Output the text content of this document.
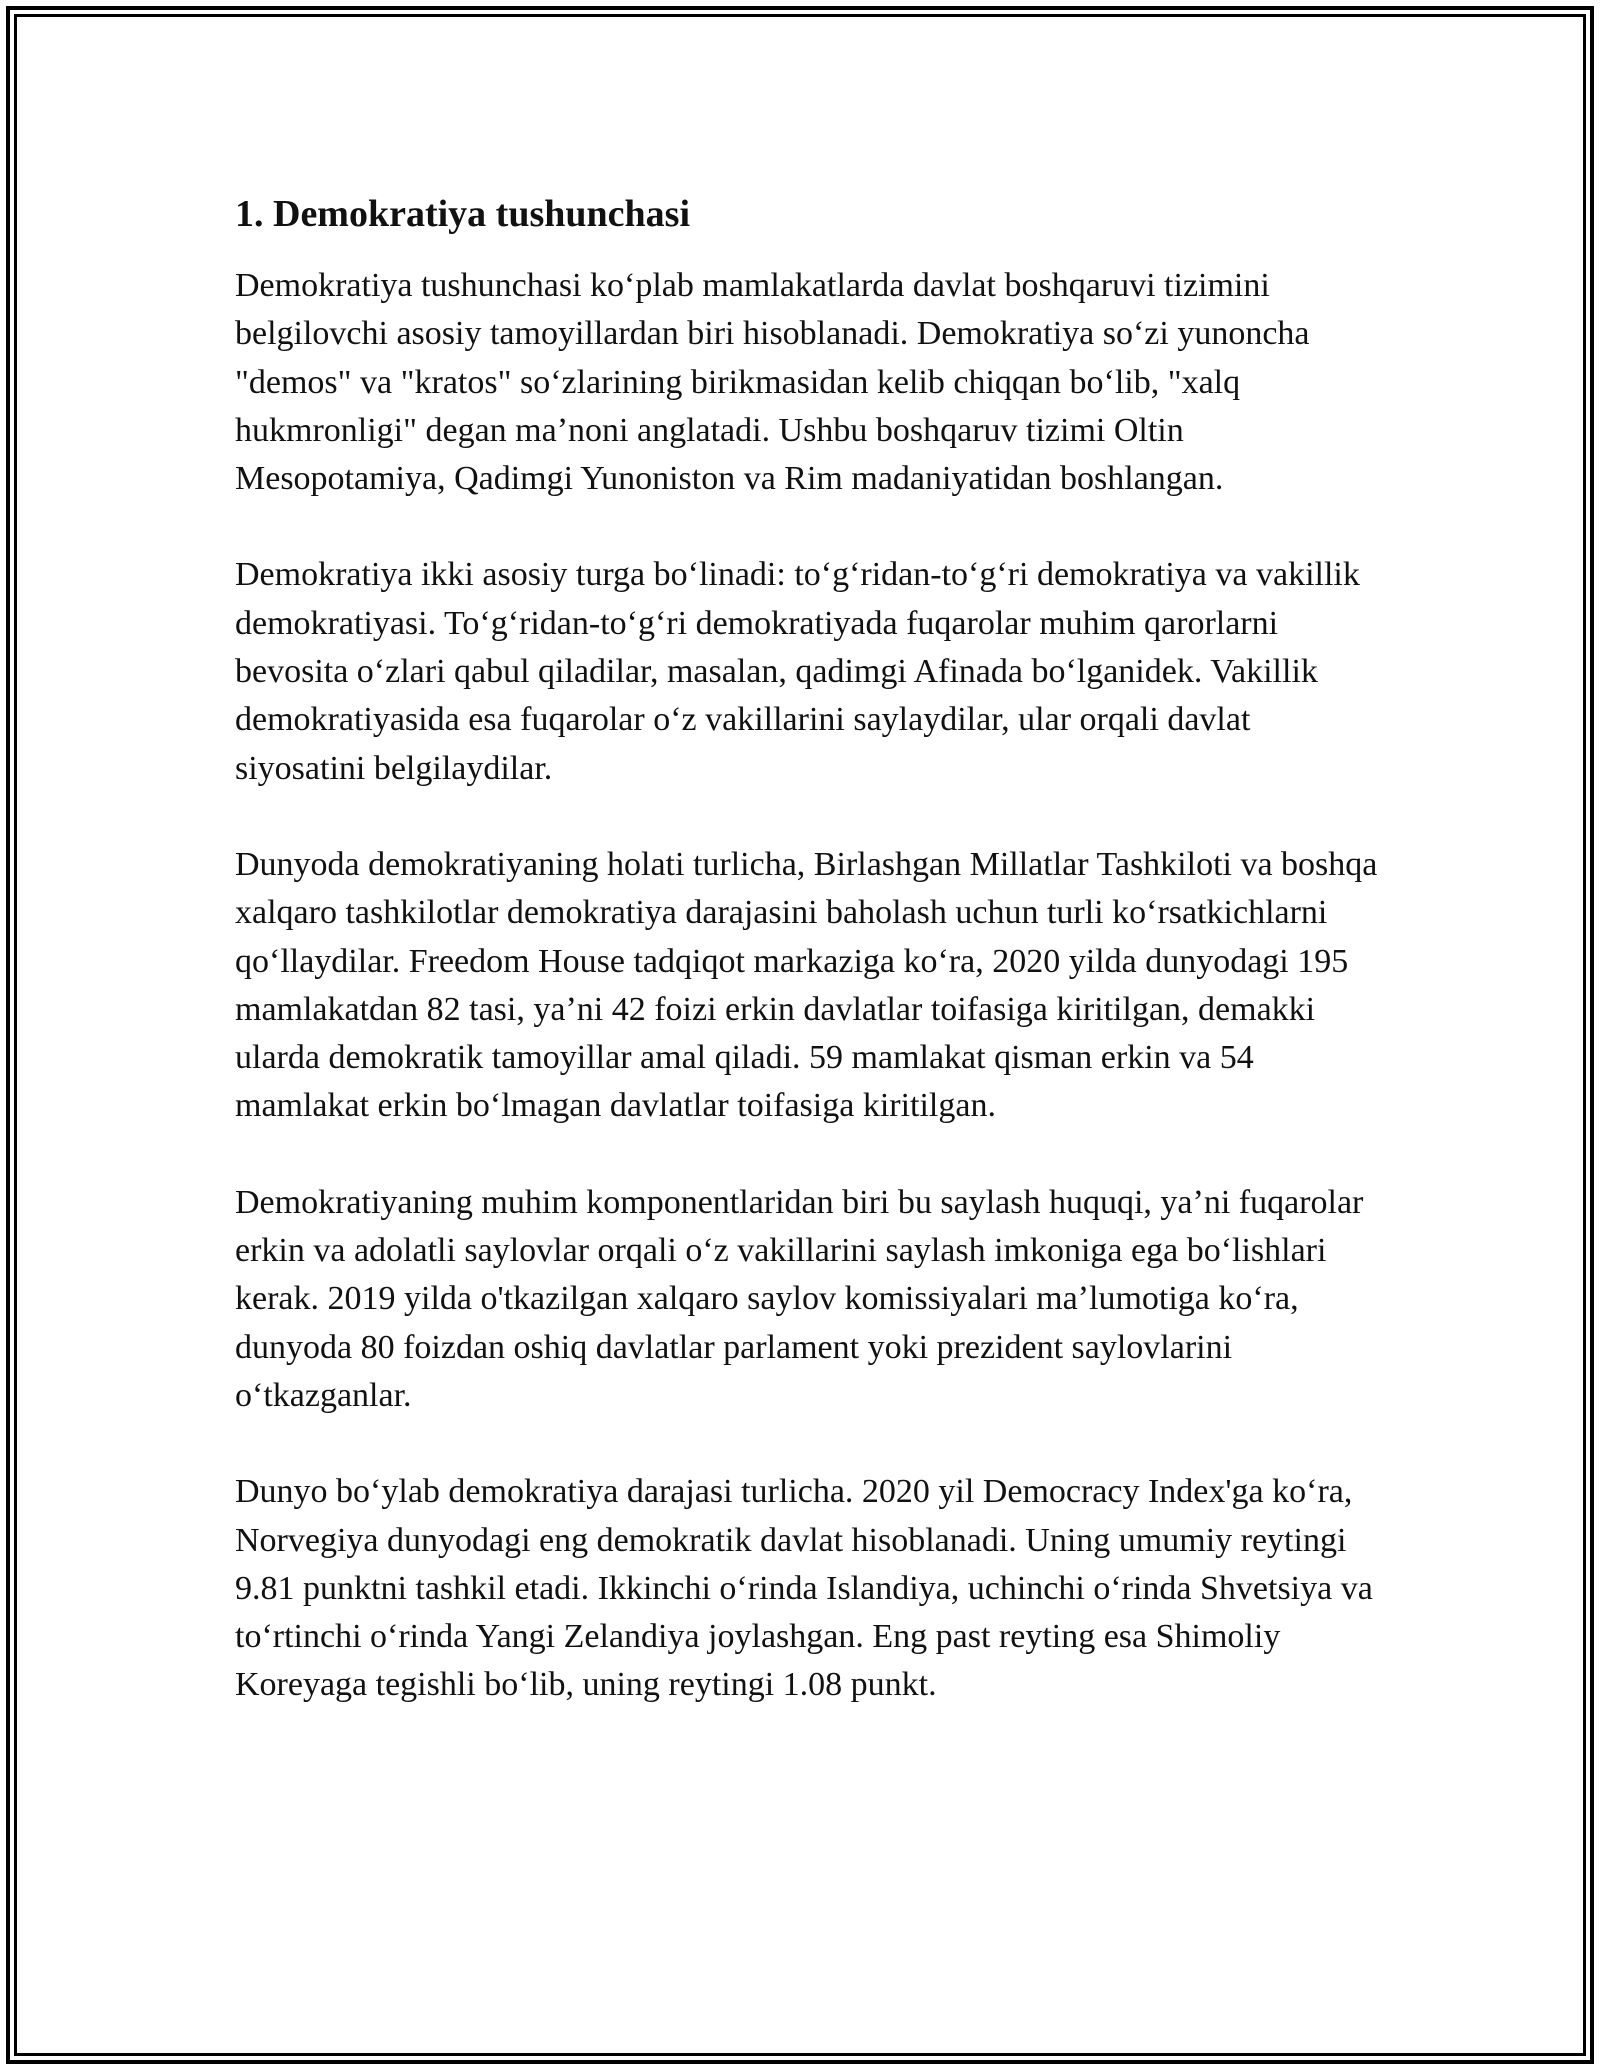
1. Demokratiya tushunchasi

Demokratiya tushunchasi koʻplab mamlakatlarda davlat boshqaruvi tizimini belgilovchi asosiy tamoyillardan biri hisoblanadi. Demokratiya soʻzi yunoncha "demos" va "kratos" soʻzlarining birikmasidan kelib chiqqan boʻlib, "xalq hukmronligi" degan maʼnoni anglatadi. Ushbu boshqaruv tizimi Oltin Mesopotamiya, Qadimgi Yunoniston va Rim madaniyatidan boshlangan.

Demokratiya ikki asosiy turga boʻlinadi: toʻgʻridan-toʻgʻri demokratiya va vakillik demokratiyasi. Toʻgʻridan-toʻgʻri demokratiyada fuqarolar muhim qarorlarni bevosita oʻzlari qabul qiladilar, masalan, qadimgi Afinada boʻlganidek. Vakillik demokratiyasida esa fuqarolar oʻz vakillarini saylaydilar, ular orqali davlat siyosatini belgilaydilar.

Dunyoda demokratiyaning holati turlicha, Birlashgan Millatlar Tashkiloti va boshqa xalqaro tashkilotlar demokratiya darajasini baholash uchun turli koʻrsatkichlarni qoʻllaydilar. Freedom House tadqiqot markaziga koʻra, 2020 yilda dunyodagi 195 mamlakatdan 82 tasi, yaʼni 42 foizi erkin davlatlar toifasiga kiritilgan, demakki ularda demokratik tamoyillar amal qiladi. 59 mamlakat qisman erkin va 54 mamlakat erkin boʻlmagan davlatlar toifasiga kiritilgan.

Demokratiyaning muhim komponentlaridan biri bu saylash huquqi, yaʼni fuqarolar erkin va adolatli saylovlar orqali oʻz vakillarini saylash imkoniga ega boʻlishlari kerak. 2019 yilda o'tkazilgan xalqaro saylov komissiyalari maʼlumotiga koʻra, dunyoda 80 foizdan oshiq davlatlar parlament yoki prezident saylovlarini oʻtkazganlar.

Dunyo boʻylab demokratiya darajasi turlicha. 2020 yil Democracy Index'ga koʻra, Norvegiya dunyodagi eng demokratik davlat hisoblanadi. Uning umumiy reytingi 9.81 punktni tashkil etadi. Ikkinchi oʻrinda Islandiya, uchinchi oʻrinda Shvetsiya va toʻrtinchi oʻrinda Yangi Zelandiya joylashgan. Eng past reyting esa Shimoliy Koreyaga tegishli boʻlib, uning reytingi 1.08 punkt.
